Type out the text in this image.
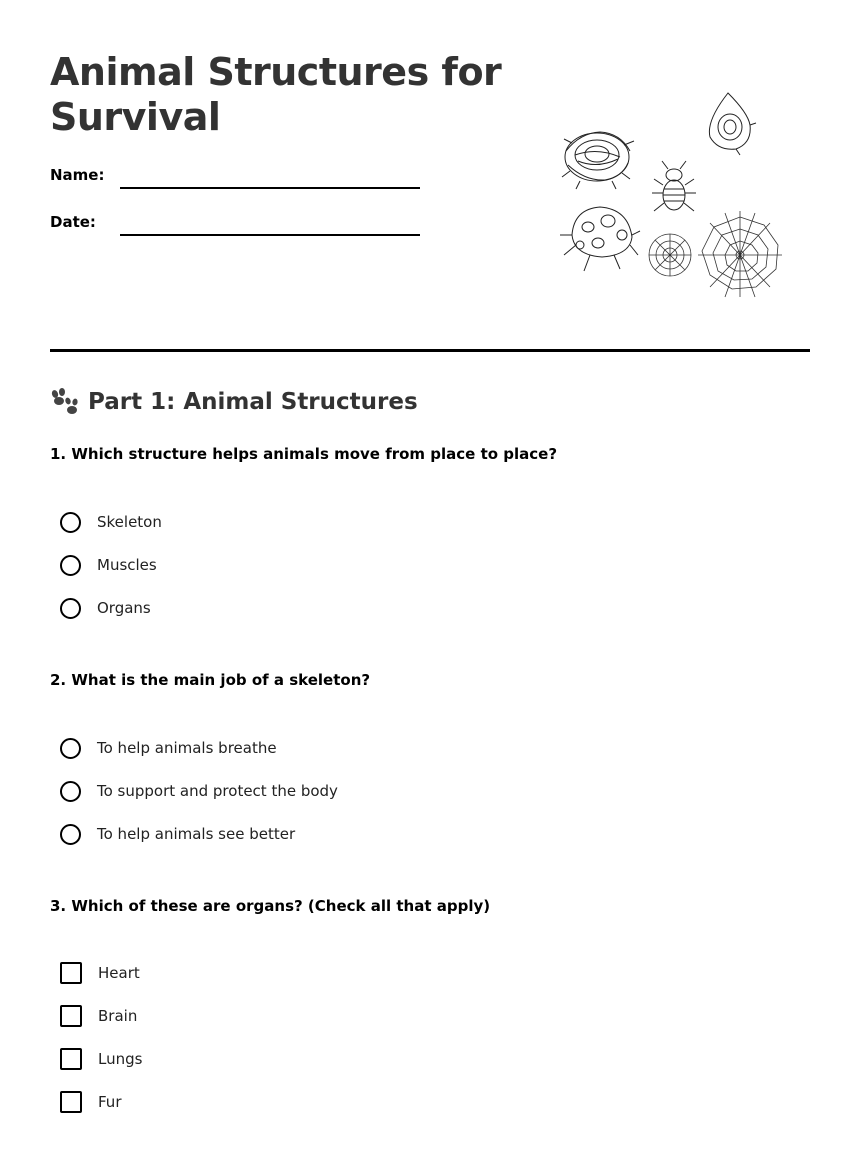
Animal Structures for
Survival
Name:
Date:
Part 1: Animal Structures

1. Which structure helps animals move from place to place?

Skeleton
Muscles
Organs

2. What is the main job of a skeleton?

To help animals breathe
To support and protect the body
To help animals see better

3. Which of these are organs? (Check all that apply)

Heart
Brain
Lungs
Fur
